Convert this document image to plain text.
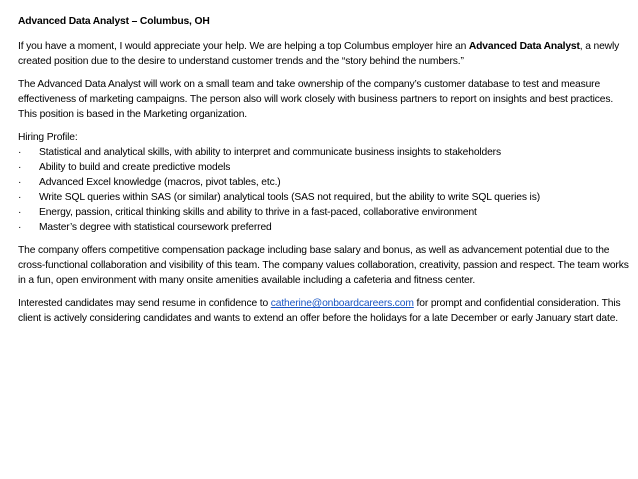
Advanced Data Analyst – Columbus, OH
If you have a moment, I would appreciate your help. We are helping a top Columbus employer hire an Advanced Data Analyst, a newly created position due to the desire to understand customer trends and the “story behind the numbers.”
The Advanced Data Analyst will work on a small team and take ownership of the company’s customer database to test and measure effectiveness of marketing campaigns. The person also will work closely with business partners to report on insights and best practices.
This position is based in the Marketing organization.
Hiring Profile:
· Statistical and analytical skills, with ability to interpret and communicate business insights to stakeholders
· Ability to build and create predictive models
· Advanced Excel knowledge (macros, pivot tables, etc.)
· Write SQL queries within SAS (or similar) analytical tools (SAS not required, but the ability to write SQL queries is)
· Energy, passion, critical thinking skills and ability to thrive in a fast-paced, collaborative environment
· Master’s degree with statistical coursework preferred
The company offers competitive compensation package including base salary and bonus, as well as advancement potential due to the cross-functional collaboration and visibility of this team. The company values collaboration, creativity, passion and respect. The team works in a fun, open environment with many onsite amenities available including a cafeteria and fitness center.
Interested candidates may send resume in confidence to catherine@onboardcareers.com for prompt and confidential consideration. This client is actively considering candidates and wants to extend an offer before the holidays for a late December or early January start date.
